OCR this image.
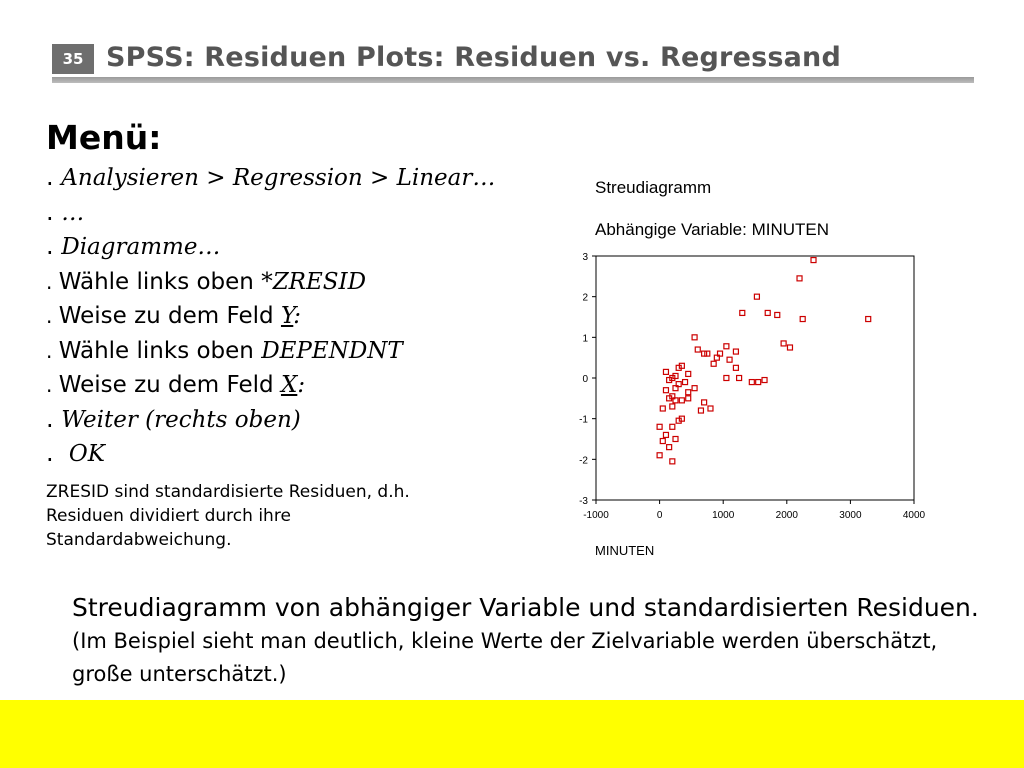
35 SPSS: Residuen Plots: Residuen vs. Regressand
Menü:
. Analysieren > Regression > Linear…
. …
. Diagramme…
. Wähle links oben *ZRESID
. Weise zu dem Feld Y:
. Wähle links oben DEPENDNT
. Weise zu dem Feld X:
. Weiter (rechts oben)
.  OK
ZRESID sind standardisierte Residuen, d.h. Residuen dividiert durch ihre Standardabweichung.
Streudiagramm
Abhängige Variable: MINUTEN
3
2
1
0
-1
-2
-3
-1000	0	1000	2000	3000	4000
MINUTEN
Streudiagramm von abhängiger Variable und standardisierten Residuen. (Im Beispiel sieht man deutlich, kleine Werte der Zielvariable werden überschätzt, große unterschätzt.)
